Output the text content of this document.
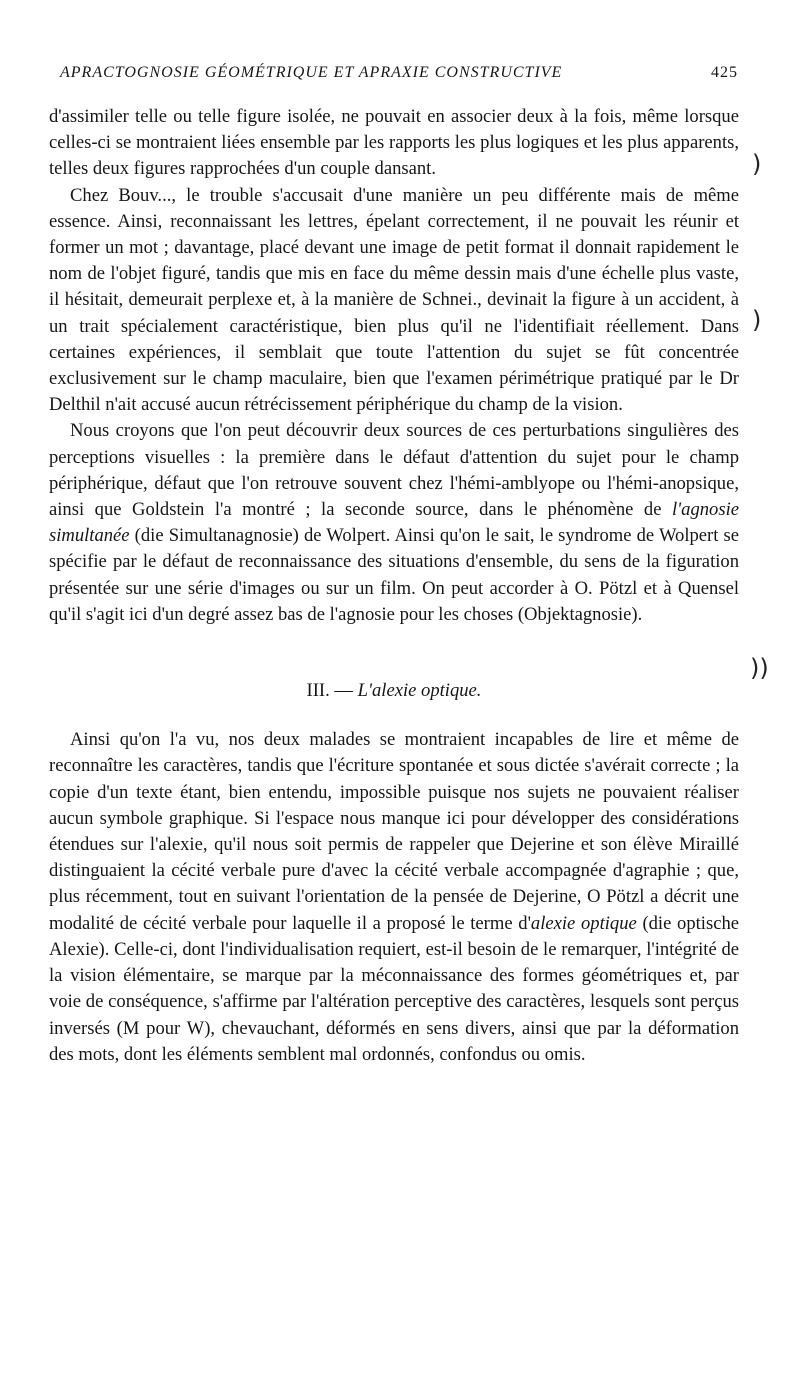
APRACTOGNOSIE GÉOMÉTRIQUE ET APRAXIE CONSTRUCTIVE	425

d'assimiler telle ou telle figure isolée, ne pouvait en associer deux à la fois, même lorsque celles-ci se montraient liées ensemble par les rapports les plus logiques et les plus apparents, telles deux figures rapprochées d'un couple dansant.

Chez Bouv..., le trouble s'accusait d'une manière un peu différente mais de même essence. Ainsi, reconnaissant les lettres, épelant correctement, il ne pouvait les réunir et former un mot ; davantage, placé devant une image de petit format il donnait rapidement le nom de l'objet figuré, tandis que mis en face du même dessin mais d'une échelle plus vaste, il hésitait, demeurait perplexe et, à la manière de Schnei., devinait la figure à un accident, à un trait spécialement caractéristique, bien plus qu'il ne l'identifiait réellement. Dans certaines expériences, il semblait que toute l'attention du sujet se fût concentrée exclusivement sur le champ maculaire, bien que l'examen périmétrique pratiqué par le Dr Delthil n'ait accusé aucun rétrécissement périphérique du champ de la vision.

Nous croyons que l'on peut découvrir deux sources de ces perturbations singulières des perceptions visuelles : la première dans le défaut d'attention du sujet pour le champ périphérique, défaut que l'on retrouve souvent chez l'hémi-amblyope ou l'hémi-anopsique, ainsi que Goldstein l'a montré ; la seconde source, dans le phénomène de l'agnosie simultanée (die Simultanagnosie) de Wolpert. Ainsi qu'on le sait, le syndrome de Wolpert se spécifie par le défaut de reconnaissance des situations d'ensemble, du sens de la figuration présentée sur une série d'images ou sur un film. On peut accorder à O. Pötzl et à Quensel qu'il s'agit ici d'un degré assez bas de l'agnosie pour les choses (Objektagnosie).

III. — L'alexie optique.

Ainsi qu'on l'a vu, nos deux malades se montraient incapables de lire et même de reconnaître les caractères, tandis que l'écriture spontanée et sous dictée s'avérait correcte ; la copie d'un texte étant, bien entendu, impossible puisque nos sujets ne pouvaient réaliser aucun symbole graphique. Si l'espace nous manque ici pour développer des considérations étendues sur l'alexie, qu'il nous soit permis de rappeler que Dejerine et son élève Miraillé distinguaient la cécité verbale pure d'avec la cécité verbale accompagnée d'agraphie ; que, plus récemment, tout en suivant l'orientation de la pensée de Dejerine, O Pötzl a décrit une modalité de cécité verbale pour laquelle il a proposé le terme d'alexie optique (die optische Alexie). Celle-ci, dont l'individualisation requiert, est-il besoin de le remarquer, l'intégrité de la vision élémentaire, se marque par la méconnaissance des formes géométriques et, par voie de conséquence, s'affirme par l'altération perceptive des caractères, lesquels sont perçus inversés (M pour W), chevauchant, déformés en sens divers, ainsi que par la déformation des mots, dont les éléments semblent mal ordonnés, confondus ou omis.

)
)
))
